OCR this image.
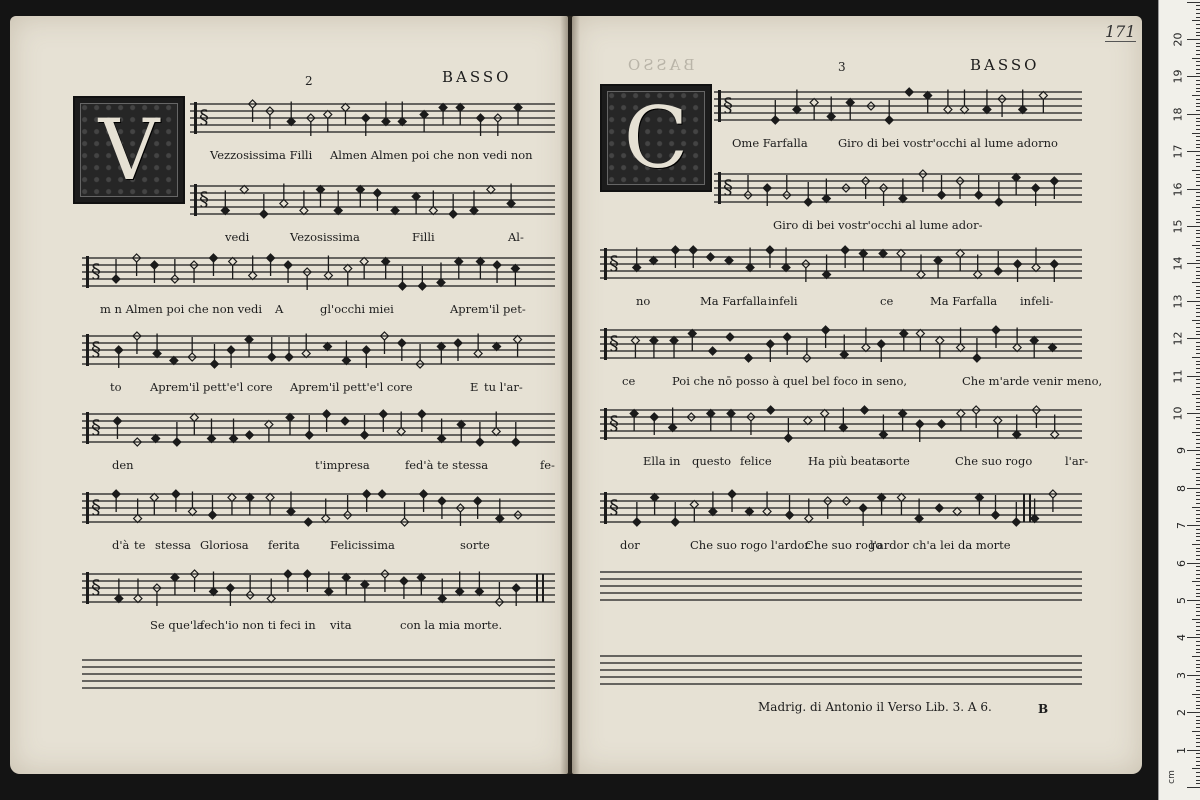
2	BASSO
V
BASSO	3	BASSO
171
C
§
Vezzosissima Filli Almen Almen poi che non vedi non
§
vedi	Vezosissima	Filli	Al-
§
m n Almen poi che non vedi A	gl'occhi miei	Aprem'il pet-
§
to Aprem'il pett'e'l core Aprem'il pett'e'l core	E tu l'ar-
§
den	t'impresa	fed'à te stessa	fe-
§
d'à te stessa Gloriosa ferita	Felicissima	sorte
§
Se que'la
fech'io non ti feci in vita	con la mia morte.
§
Ome Farfalla	Giro di bei vostr'occhi al lume adorno
§
Giro di bei vostr'occhi al lume ador-
§
no	Ma Farfalla infeli	ce	Ma Farfalla infeli-
§
ce	Poi che nō posso à quel bel foco in seno,	Che m'arde venir meno,
§
Ella in questo felice	Ha più beata
sorte	Che suo rogo	l'ar-
§
dor	Che suo rogo l'ardor
Che suo rogo
l'ardor ch'a lei da morte
Madrig. di Antonio il Verso Lib. 3. A 6.	B
cm
1
2
3
4
5
6
7
8
9
10
11
12
13
14
15
16
17
18
19
20
